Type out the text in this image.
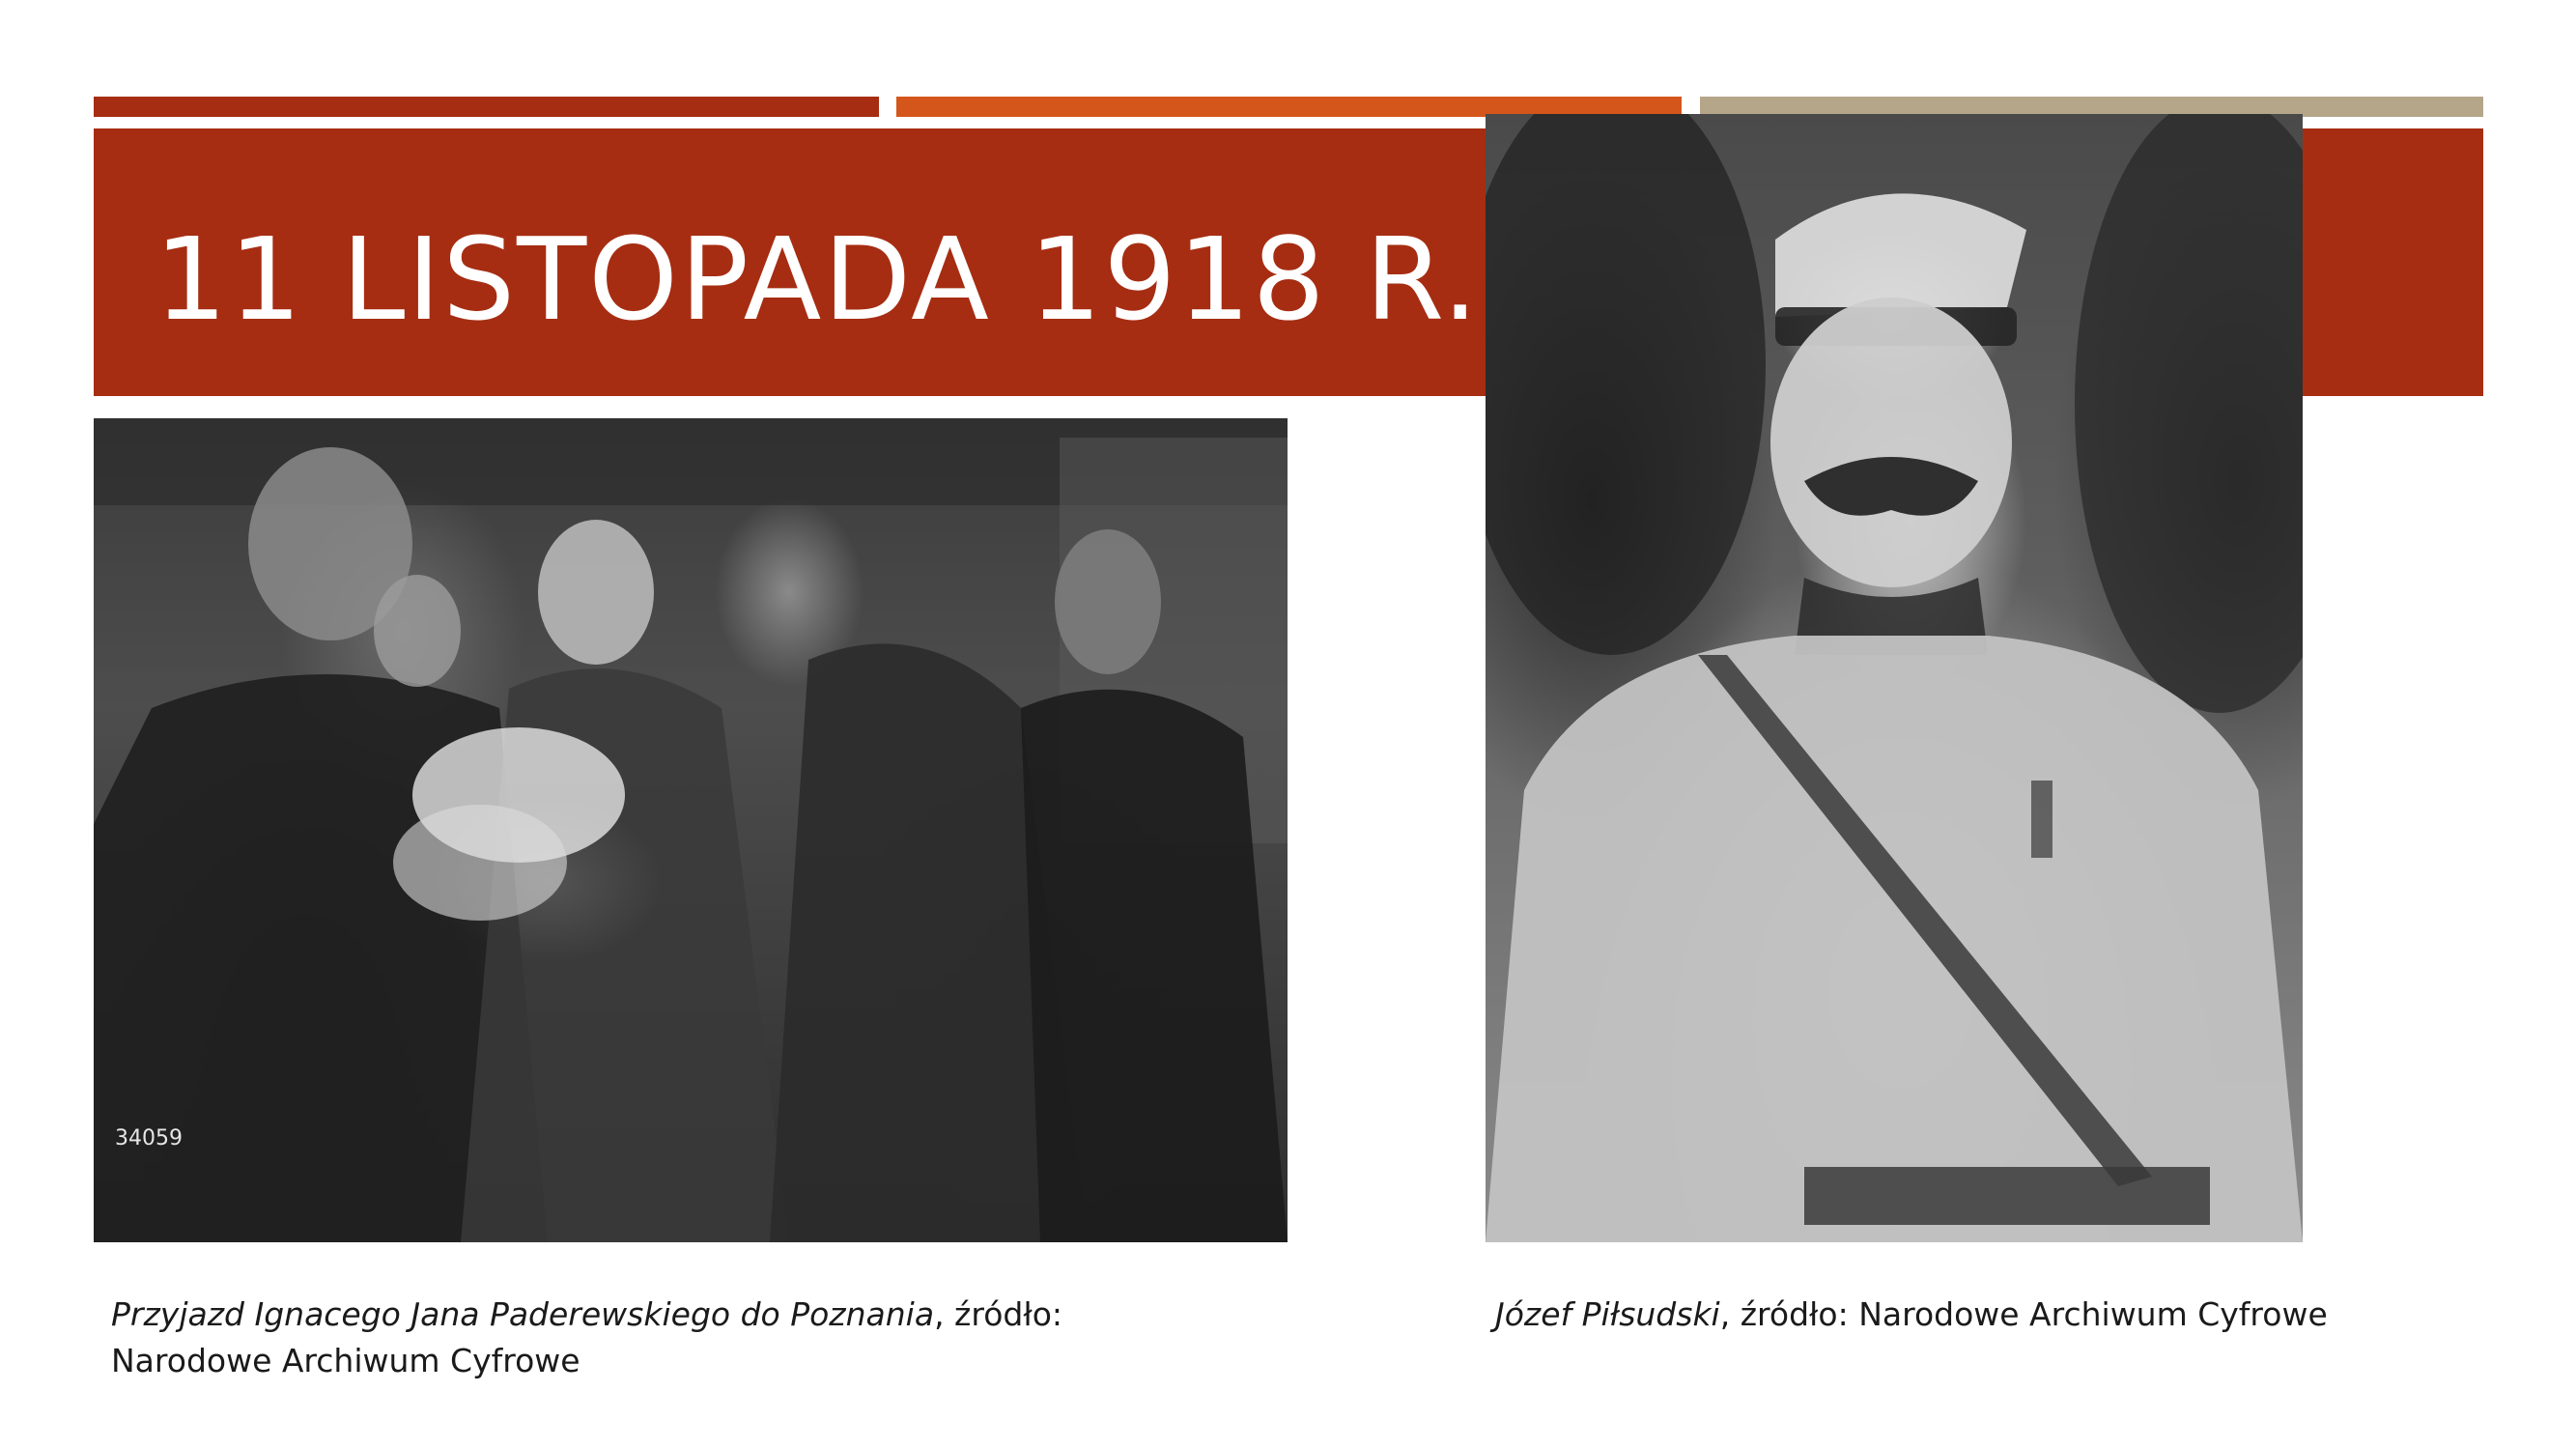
11 LISTOPADA 1918 R.
34059
Przyjazd Ignacego Jana Paderewskiego do Poznania, źródło: Narodowe Archiwum Cyfrowe
Józef Piłsudski, źródło: Narodowe Archiwum Cyfrowe
